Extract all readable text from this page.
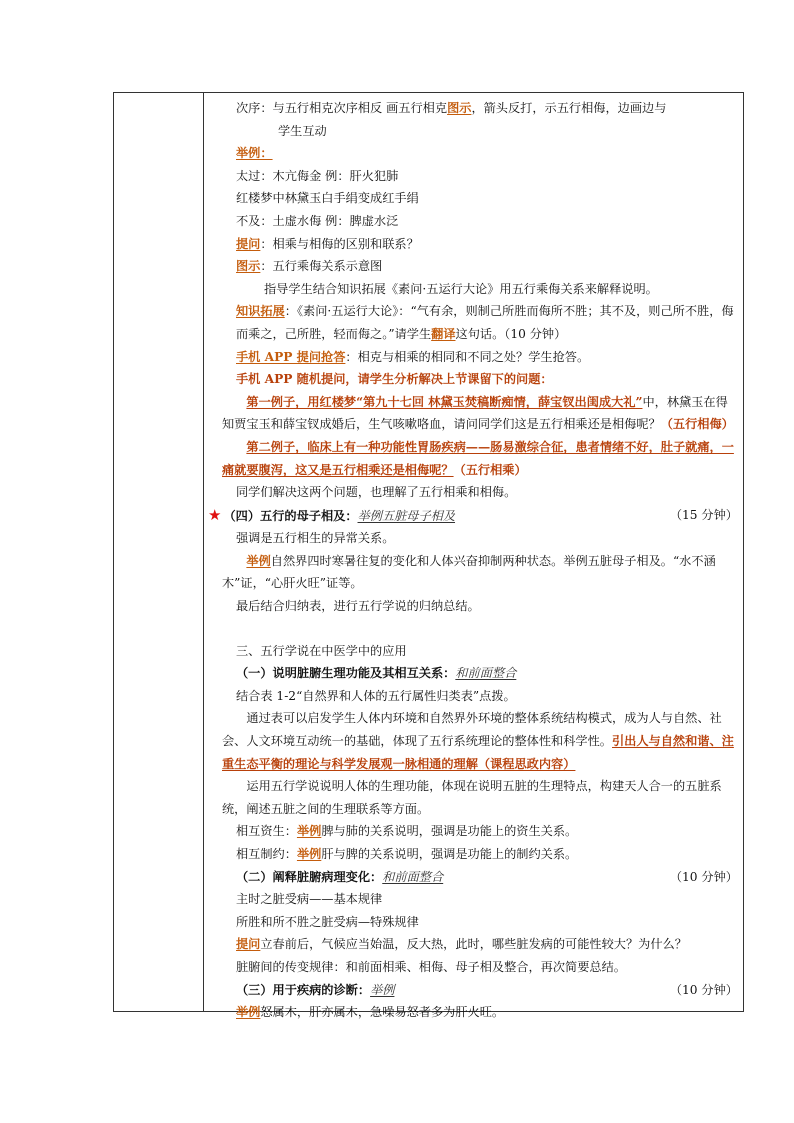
次序：与五行相克次序相反 画五行相克图示，箭头反打，示五行相侮，边画边与
学生互动
举例：
太过：木亢侮金 例：肝火犯肺
红楼梦中林黛玉白手绢变成红手绢
不及：土虚水侮 例：脾虚水泛
提问：相乘与相侮的区别和联系？
图示：五行乘侮关系示意图
指导学生结合知识拓展《素问·五运行大论》用五行乘侮关系来解释说明。
知识拓展：《素问·五运行大论》：“气有余，则制己所胜而侮所不胜；其不及，则己所不胜，侮而乘之，己所胜，轻而侮之。”请学生翻译这句话。（10 分钟）
手机 APP 提问抢答：相克与相乘的相同和不同之处？学生抢答。
手机 APP 随机提问，请学生分析解决上节课留下的问题：
第一例子，用红楼梦“第九十七回 林黛玉焚稿断痴情，薛宝钗出闺成大礼”中，林黛玉在得知贾宝玉和薛宝钗成婚后，生气咳嗽咯血，请问同学们这是五行相乘还是相侮呢？（五行相侮）
第二例子，临床上有一种功能性胃肠疾病——肠易激综合征，患者情绪不好，肚子就痛，一痛就要腹泻，这又是五行相乘还是相侮呢？（五行相乘）
同学们解决这两个问题，也理解了五行相乘和相侮。
★ （四）五行的母子相及：举例五脏母子相及	（15 分钟）
强调是五行相生的异常关系。
举例自然界四时寒暑往复的变化和人体兴奋抑制两种状态。举例五脏母子相及。“水不涵木”证，“心肝火旺”证等。
最后结合归纳表，进行五行学说的归纳总结。
三、五行学说在中医学中的应用
（一）说明脏腑生理功能及其相互关系：和前面整合
结合表 1-2“自然界和人体的五行属性归类表”点拨。
通过表可以启发学生人体内环境和自然界外环境的整体系统结构模式，成为人与自然、社会、人文环境互动统一的基础，体现了五行系统理论的整体性和科学性。引出人与自然和谐、注重生态平衡的理论与科学发展观一脉相通的理解（课程思政内容）
运用五行学说说明人体的生理功能，体现在说明五脏的生理特点，构建天人合一的五脏系统，阐述五脏之间的生理联系等方面。
相互资生：举例脾与肺的关系说明，强调是功能上的资生关系。
相互制约：举例肝与脾的关系说明，强调是功能上的制约关系。
（二）阐释脏腑病理变化：和前面整合	（10 分钟）
主时之脏受病——基本规律
所胜和所不胜之脏受病—特殊规律
提问立春前后，气候应当始温，反大热，此时，哪些脏发病的可能性较大？为什么？
脏腑间的传变规律：和前面相乘、相侮、母子相及整合，再次简要总结。
（三）用于疾病的诊断：举例	（10 分钟）
举例怒属木，肝亦属木，急噪易怒者多为肝火旺。
